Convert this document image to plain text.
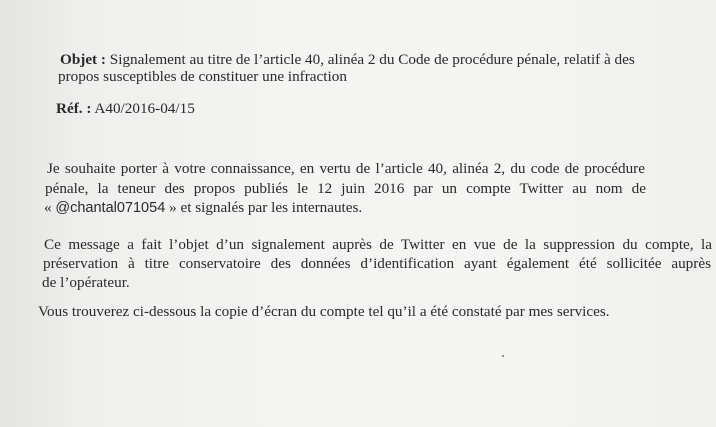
Objet : Signalement au titre de l’article 40, alinéa 2 du Code de procédure pénale, relatif à des
propos susceptibles de constituer une infraction
Réf. : A40/2016-04/15
Je souhaite porter à votre connaissance, en vertu de l’article 40, alinéa 2, du code de procédure
pénale, la teneur des propos publiés le 12 juin 2016 par un compte Twitter au nom de
« @chantal071054 » et signalés par les internautes.
Ce message a fait l’objet d’un signalement auprès de Twitter en vue de la suppression du compte, la
préservation à titre conservatoire des données d’identification ayant également été sollicitée auprès
de l’opérateur.
Vous trouverez ci-dessous la copie d’écran du compte tel qu’il a été constaté par mes services.
